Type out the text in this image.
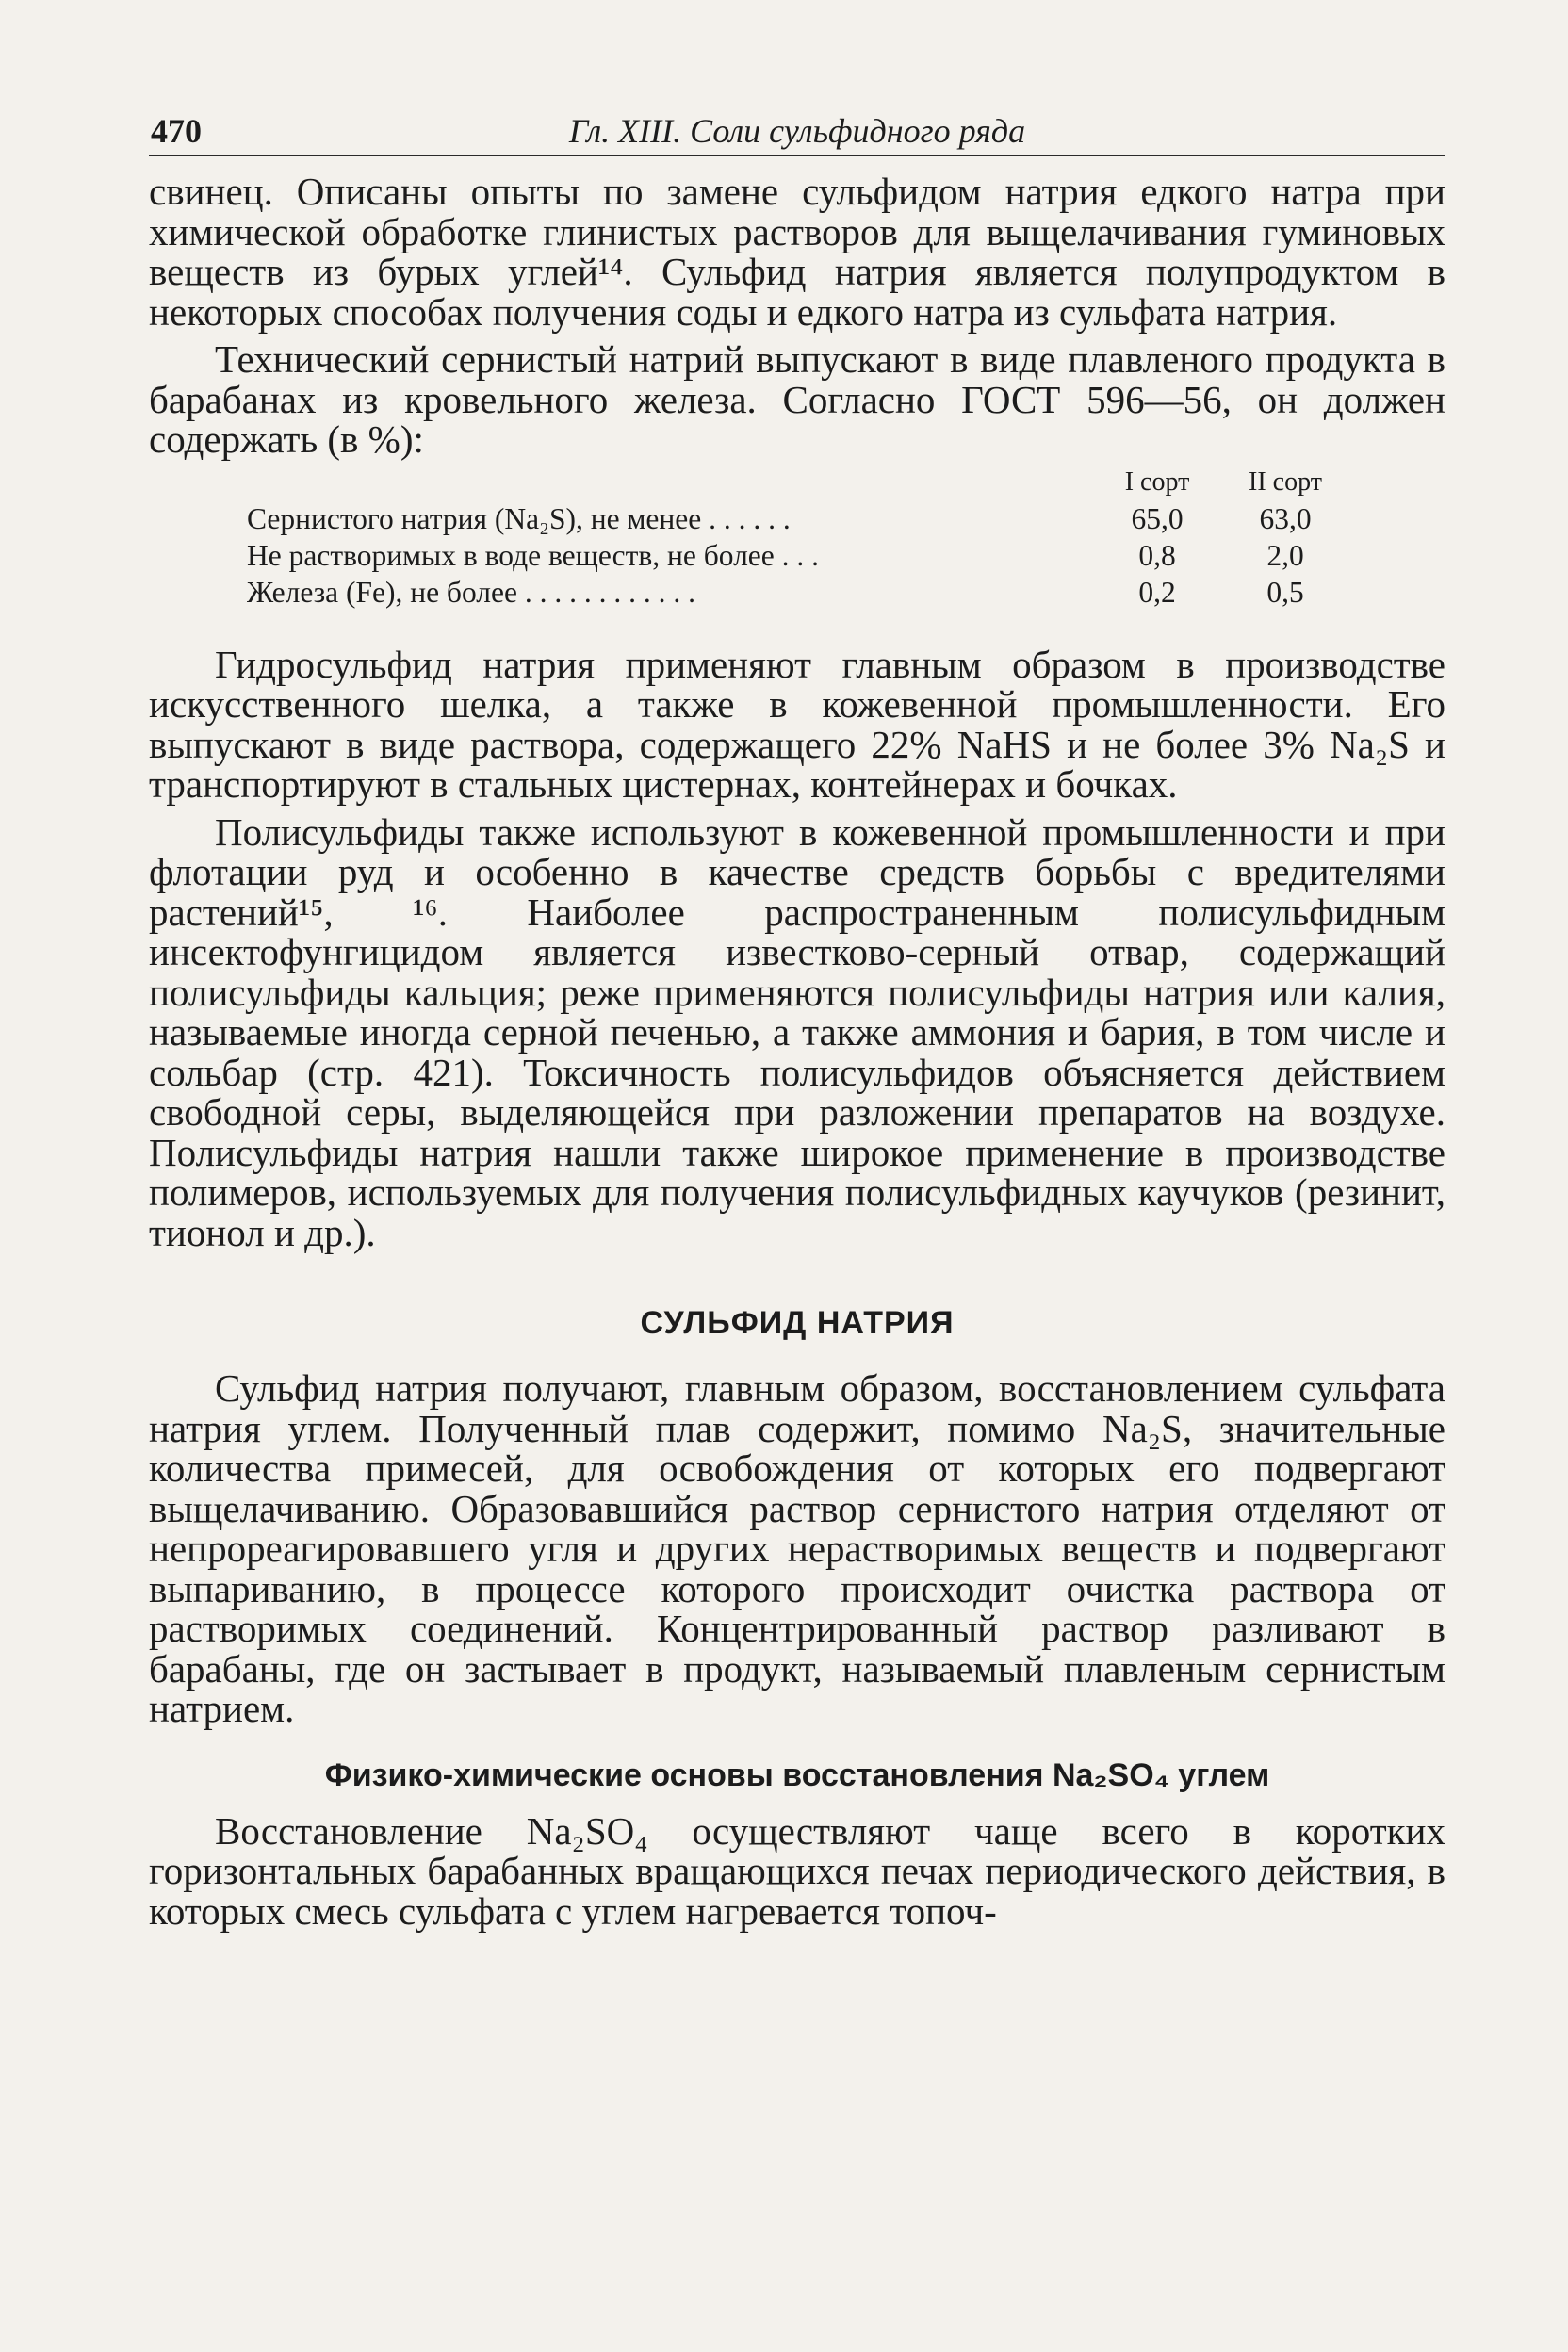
470	Гл. XIII. Соли сульфидного ряда

свинец. Описаны опыты по замене сульфидом натрия едкого натра при химической обработке глинистых растворов для выщелачивания гуминовых веществ из бурых углей¹⁴. Сульфид натрия является полупродуктом в некоторых способах получения соды и едкого натра из сульфата натрия.

Технический сернистый натрий выпускают в виде плавленого продукта в барабанах из кровельного железа. Согласно ГОСТ 596—56, он должен содержать (в %):

	I сорт	II сорт
Сернистого натрия (Na₂S), не менее . . . . . .	65,0	63,0
Не растворимых в воде веществ, не более . . .	0,8	2,0
Железа (Fe), не более . . . . . . . . . . . .	0,2	0,5

Гидросульфид натрия применяют главным образом в производстве искусственного шелка, а также в кожевенной промышленности. Его выпускают в виде раствора, содержащего 22% NaHS и не более 3% Na₂S и транспортируют в стальных цистернах, контейнерах и бочках.

Полисульфиды также используют в кожевенной промышленности и при флотации руд и особенно в качестве средств борьбы с вредителями растений¹⁵, ¹⁶. Наиболее распространенным полисульфидным инсектофунгицидом является известково-серный отвар, содержащий полисульфиды кальция; реже применяются полисульфиды натрия или калия, называемые иногда серной печенью, а также аммония и бария, в том числе и сольбар (стр. 421). Токсичность полисульфидов объясняется действием свободной серы, выделяющейся при разложении препаратов на воздухе. Полисульфиды натрия нашли также широкое применение в производстве полимеров, используемых для получения полисульфидных каучуков (резинит, тионол и др.).

СУЛЬФИД НАТРИЯ

Сульфид натрия получают, главным образом, восстановлением сульфата натрия углем. Полученный плав содержит, помимо Na₂S, значительные количества примесей, для освобождения от которых его подвергают выщелачиванию. Образовавшийся раствор сернистого натрия отделяют от непрореагировавшего угля и других нерастворимых веществ и подвергают выпариванию, в процессе которого происходит очистка раствора от растворимых соединений. Концентрированный раствор разливают в барабаны, где он застывает в продукт, называемый плавленым сернистым натрием.

Физико-химические основы восстановления Na₂SO₄ углем

Восстановление Na₂SO₄ осуществляют чаще всего в коротких горизонтальных барабанных вращающихся печах периодического действия, в которых смесь сульфата с углем нагревается топоч-
